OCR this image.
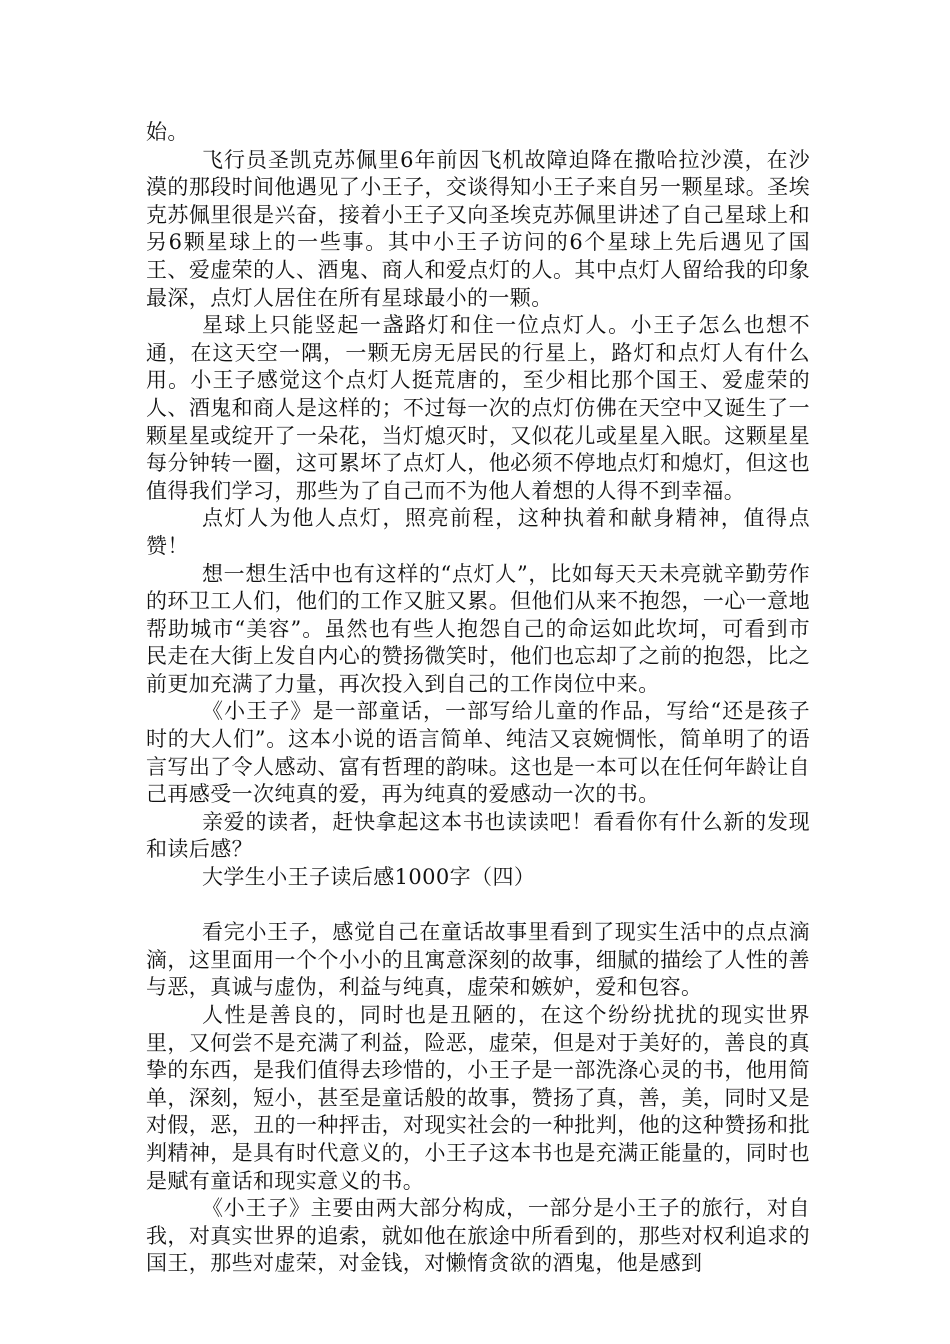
始。

飞行员圣凯克苏佩里6年前因飞机故障迫降在撒哈拉沙漠，在沙漠的那段时间他遇见了小王子，交谈得知小王子来自另一颗星球。圣埃克苏佩里很是兴奋，接着小王子又向圣埃克苏佩里讲述了自己星球上和另6颗星球上的一些事。其中小王子访问的6个星球上先后遇见了国王、爱虚荣的人、酒鬼、商人和爱点灯的人。其中点灯人留给我的印象最深，点灯人居住在所有星球最小的一颗。

星球上只能竖起一盏路灯和住一位点灯人。小王子怎么也想不通，在这天空一隅，一颗无房无居民的行星上，路灯和点灯人有什么用。小王子感觉这个点灯人挺荒唐的，至少相比那个国王、爱虚荣的人、酒鬼和商人是这样的；不过每一次的点灯仿佛在天空中又诞生了一颗星星或绽开了一朵花，当灯熄灭时，又似花儿或星星入眠。这颗星星每分钟转一圈，这可累坏了点灯人，他必须不停地点灯和熄灯，但这也值得我们学习，那些为了自己而不为他人着想的人得不到幸福。

点灯人为他人点灯，照亮前程，这种执着和献身精神，值得点赞！

想一想生活中也有这样的“点灯人”，比如每天天未亮就辛勤劳作的环卫工人们，他们的工作又脏又累。但他们从来不抱怨，一心一意地帮助城市“美容”。虽然也有些人抱怨自己的命运如此坎坷，可看到市民走在大街上发自内心的赞扬微笑时，他们也忘却了之前的抱怨，比之前更加充满了力量，再次投入到自己的工作岗位中来。

《小王子》是一部童话，一部写给儿童的作品，写给“还是孩子时的大人们”。这本小说的语言简单、纯洁又哀婉惆怅，简单明了的语言写出了令人感动、富有哲理的韵味。这也是一本可以在任何年龄让自己再感受一次纯真的爱，再为纯真的爱感动一次的书。

亲爱的读者，赶快拿起这本书也读读吧！看看你有什么新的发现和读后感？

大学生小王子读后感1000字（四）

看完小王子，感觉自己在童话故事里看到了现实生活中的点点滴滴，这里面用一个个小小的且寓意深刻的故事，细腻的描绘了人性的善与恶，真诚与虚伪，利益与纯真，虚荣和嫉妒，爱和包容。

人性是善良的，同时也是丑陋的，在这个纷纷扰扰的现实世界里，又何尝不是充满了利益，险恶，虚荣，但是对于美好的，善良的真挚的东西，是我们值得去珍惜的，小王子是一部洗涤心灵的书，他用简单，深刻，短小，甚至是童话般的故事，赞扬了真，善，美，同时又是对假，恶，丑的一种抨击，对现实社会的一种批判，他的这种赞扬和批判精神，是具有时代意义的，小王子这本书也是充满正能量的，同时也是赋有童话和现实意义的书。

《小王子》主要由两大部分构成，一部分是小王子的旅行，对自我，对真实世界的追索，就如他在旅途中所看到的，那些对权利追求的国王，那些对虚荣，对金钱，对懒惰贪欲的酒鬼，他是感到
